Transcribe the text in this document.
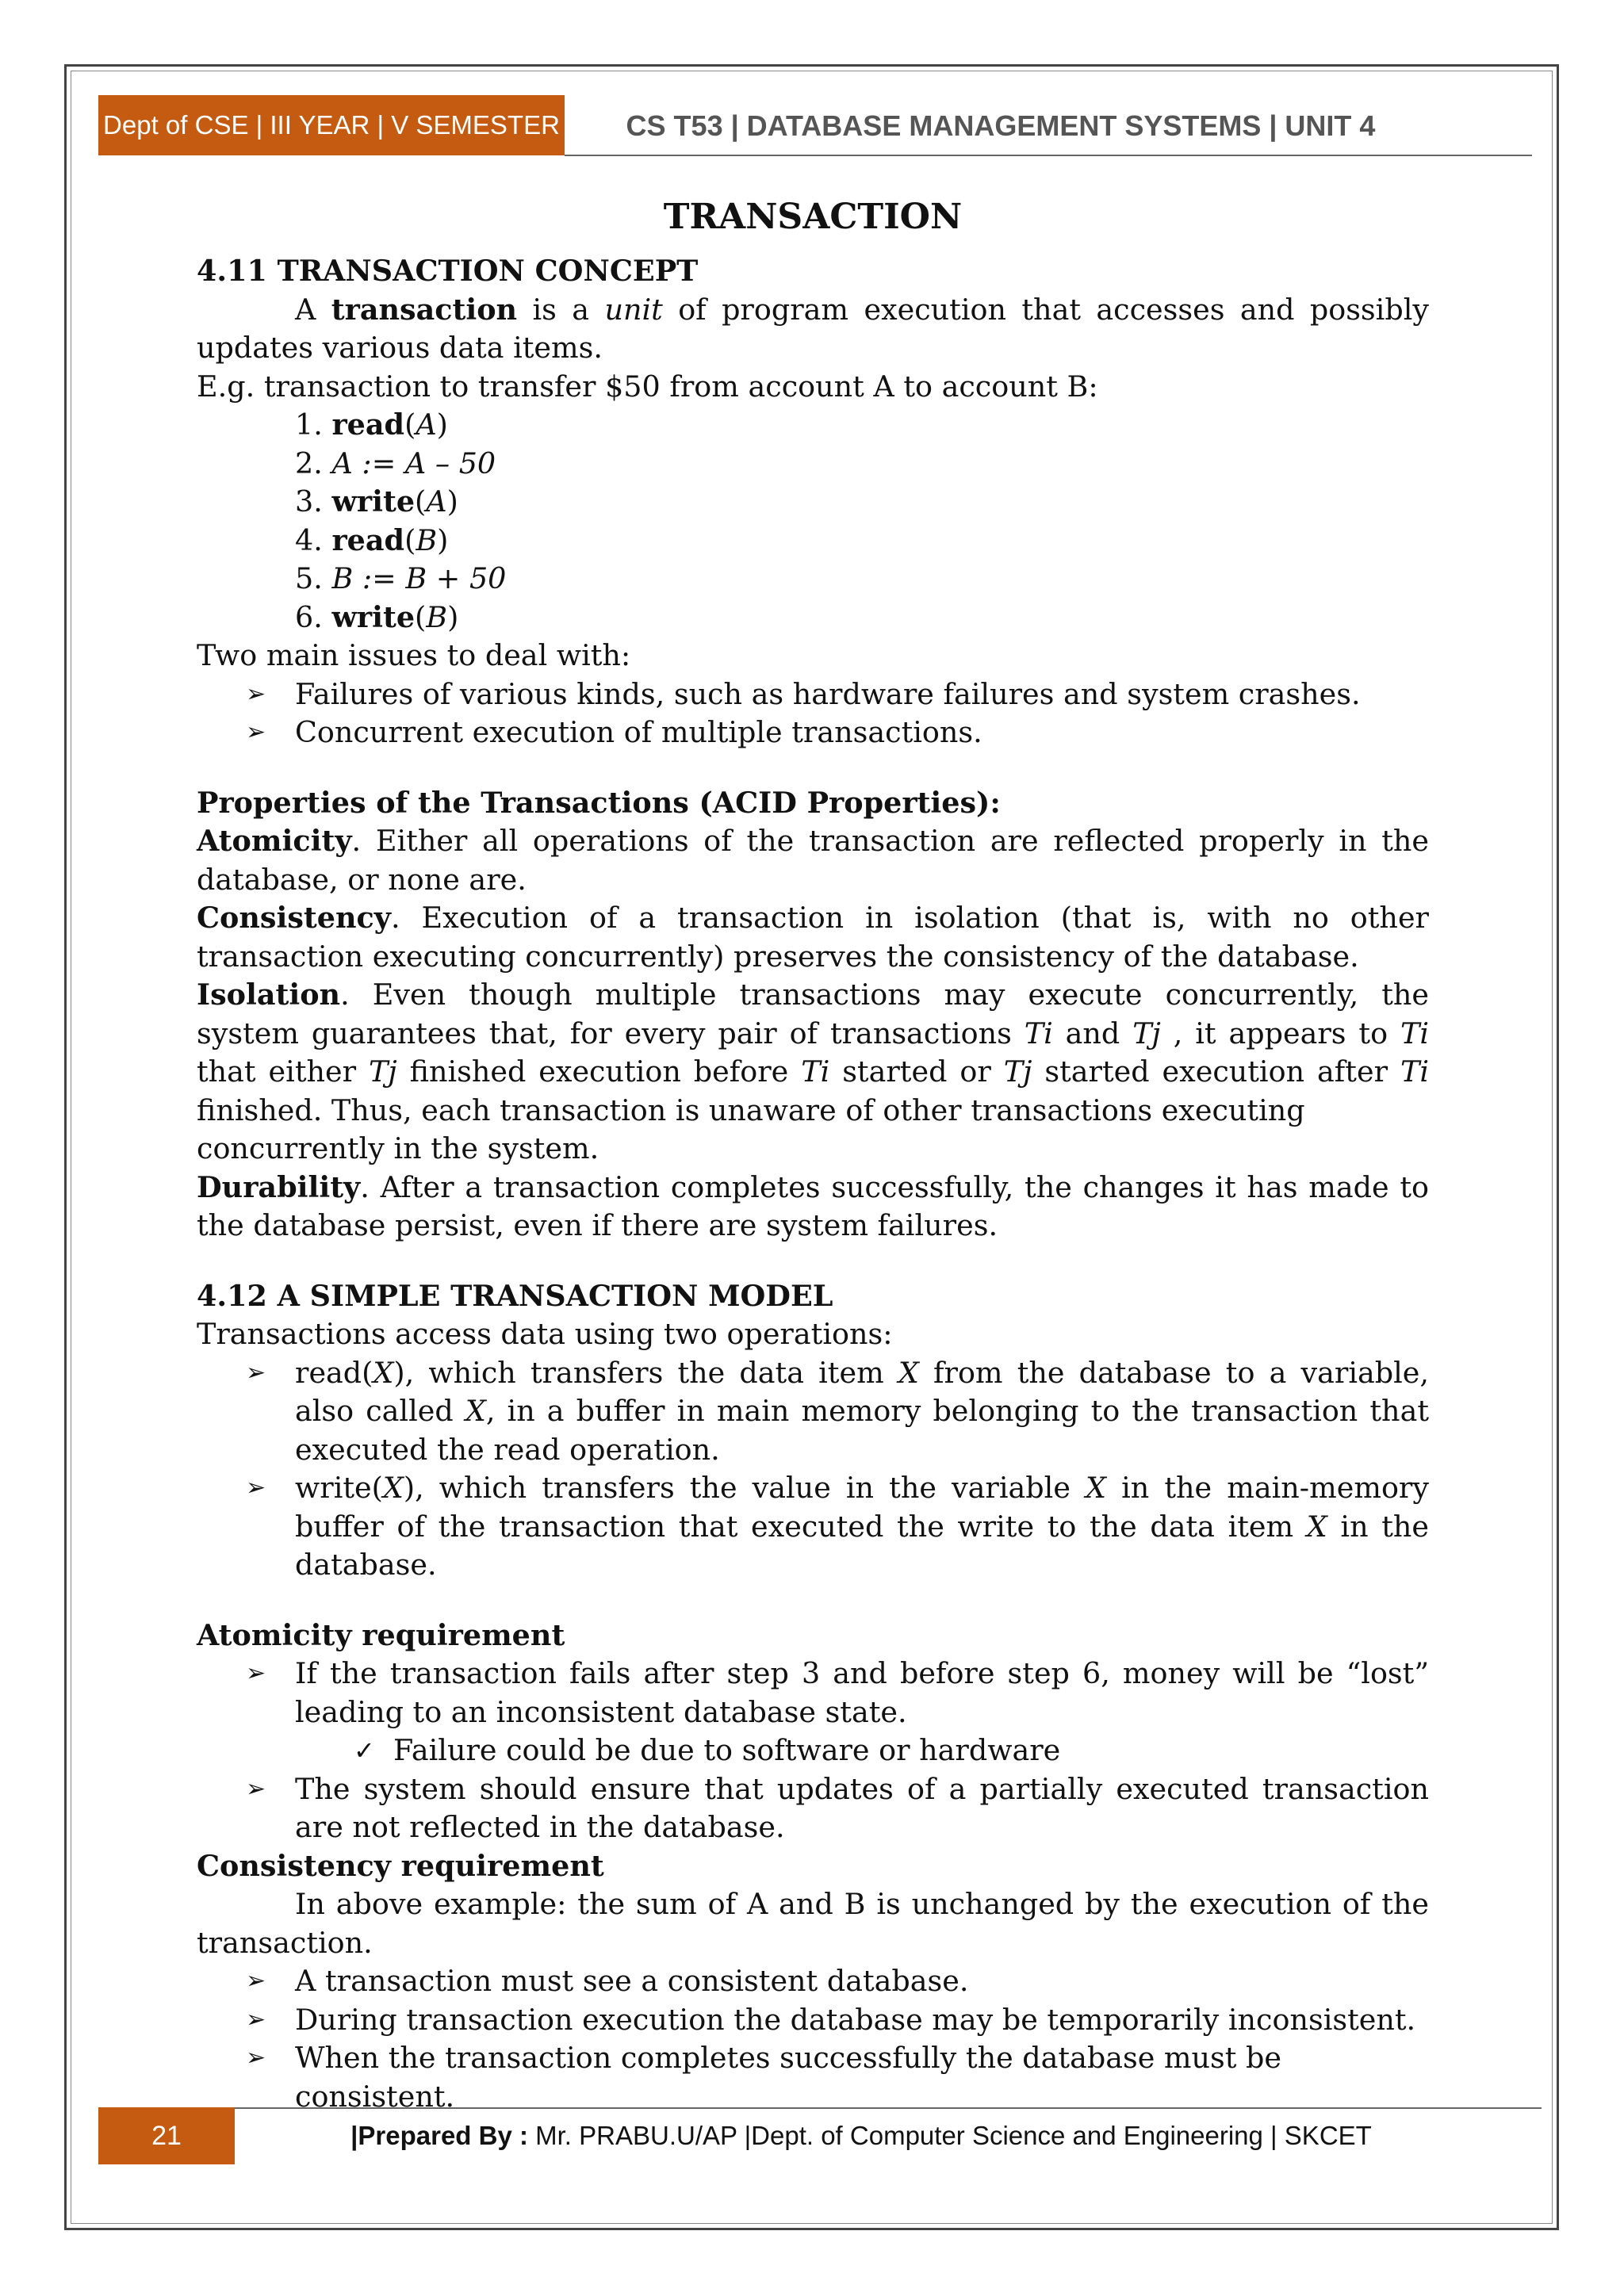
Dept of CSE | III YEAR | V SEMESTER	CS T53 | DATABASE MANAGEMENT SYSTEMS | UNIT 4
TRANSACTION

4.11 TRANSACTION CONCEPT

A transaction is a unit of program execution that accesses and possibly updates various data items.

E.g. transaction to transfer $50 from account A to account B:

1. read(A)

2. A := A – 50

3. write(A)

4. read(B)

5. B := B + 50

6. write(B)

Two main issues to deal with:

➢ Failures of various kinds, such as hardware failures and system crashes.

➢ Concurrent execution of multiple transactions.

Properties of the Transactions (ACID Properties):

Atomicity. Either all operations of the transaction are reflected properly in the database, or none are.

Consistency. Execution of a transaction in isolation (that is, with no other transaction executing concurrently) preserves the consistency of the database.

Isolation. Even though multiple transactions may execute concurrently, the system guarantees that, for every pair of transactions Ti and Tj , it appears to Ti that either Tj finished execution before Ti started or Tj started execution after Ti finished. Thus, each transaction is unaware of other transactions executing

concurrently in the system.

Durability. After a transaction completes successfully, the changes it has made to the database persist, even if there are system failures.

4.12 A SIMPLE TRANSACTION MODEL

Transactions access data using two operations:

➢ read(X), which transfers the data item X from the database to a variable, also called X, in a buffer in main memory belonging to the transaction that executed the read operation.

➢ write(X), which transfers the value in the variable X in the main-memory buffer of the transaction that executed the write to the data item X in the database.

Atomicity requirement

➢ If the transaction fails after step 3 and before step 6, money will be “lost” leading to an inconsistent database state.

✓ Failure could be due to software or hardware

➢ The system should ensure that updates of a partially executed transaction are not reflected in the database.

Consistency requirement

In above example: the sum of A and B is unchanged by the execution of the transaction.

➢ A transaction must see a consistent database.

➢ During transaction execution the database may be temporarily inconsistent.

➢ When the transaction completes successfully the database must be consistent.

21	|Prepared By : Mr. PRABU.U/AP |Dept. of Computer Science and Engineering | SKCET
